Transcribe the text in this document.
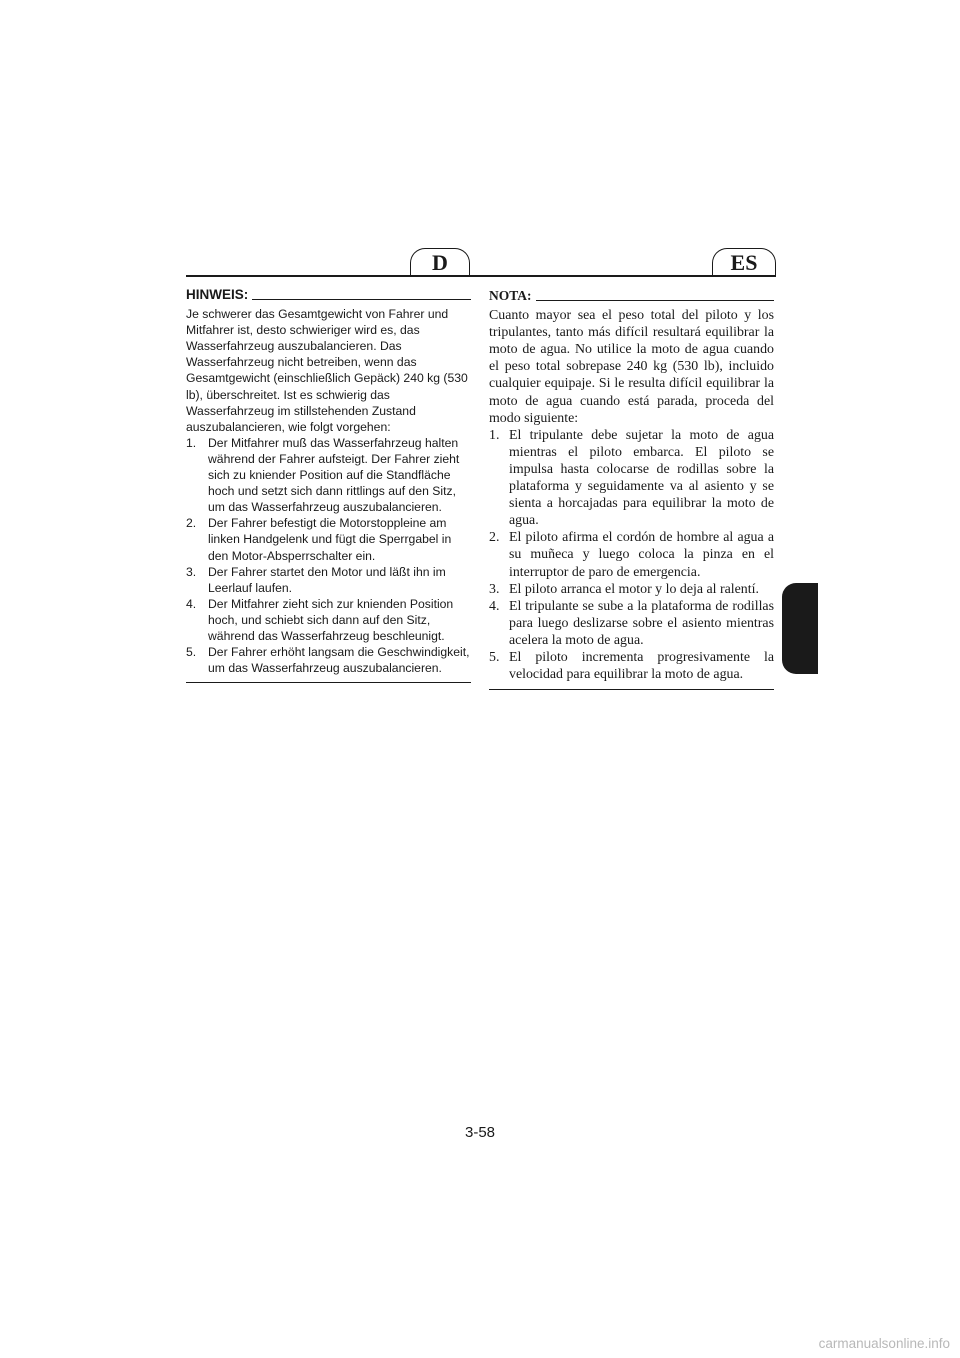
D	ES
HINWEIS:

Je schwerer das Gesamtgewicht von Fahrer und Mitfahrer ist, desto schwieriger wird es, das Wasserfahrzeug auszubalancieren. Das Wasserfahrzeug nicht betreiben, wenn das Gesamtgewicht (einschließlich Gepäck) 240 kg (530 lb), überschreitet. Ist es schwierig das Wasserfahrzeug im stillstehenden Zustand auszubalancieren, wie folgt vorgehen:

1. Der Mitfahrer muß das Wasserfahrzeug halten während der Fahrer aufsteigt. Der Fahrer zieht sich zu kniender Position auf die Standfläche hoch und setzt sich dann rittlings auf den Sitz, um das Wasserfahrzeug auszubalancieren.
2. Der Fahrer befestigt die Motorstoppleine am linken Handgelenk und fügt die Sperrgabel in den Motor-Absperrschalter ein.
3. Der Fahrer startet den Motor und läßt ihn im Leerlauf laufen.
4. Der Mitfahrer zieht sich zur knienden Position hoch, und schiebt sich dann auf den Sitz, während das Wasserfahrzeug beschleunigt.
5. Der Fahrer erhöht langsam die Geschwindigkeit, um das Wasserfahrzeug auszubalancieren.
NOTA:

Cuanto mayor sea el peso total del piloto y los tripulantes, tanto más difícil resultará equilibrar la moto de agua. No utilice la moto de agua cuando el peso total sobrepase 240 kg (530 lb), incluido cualquier equipaje. Si le resulta difícil equilibrar la moto de agua cuando está parada, proceda del modo siguiente:

1. El tripulante debe sujetar la moto de agua mientras el piloto embarca. El piloto se impulsa hasta colocarse de rodillas sobre la plataforma y seguidamente va al asiento y se sienta a horcajadas para equilibrar la moto de agua.
2. El piloto afirma el cordón de hombre al agua a su muñeca y luego coloca la pinza en el interruptor de paro de emergencia.
3. El piloto arranca el motor y lo deja al ralentí.
4. El tripulante se sube a la plataforma de rodillas para luego deslizarse sobre el asiento mientras acelera la moto de agua.
5. El piloto incrementa progresivamente la velocidad para equilibrar la moto de agua.
3-58
carmanualsonline.info
